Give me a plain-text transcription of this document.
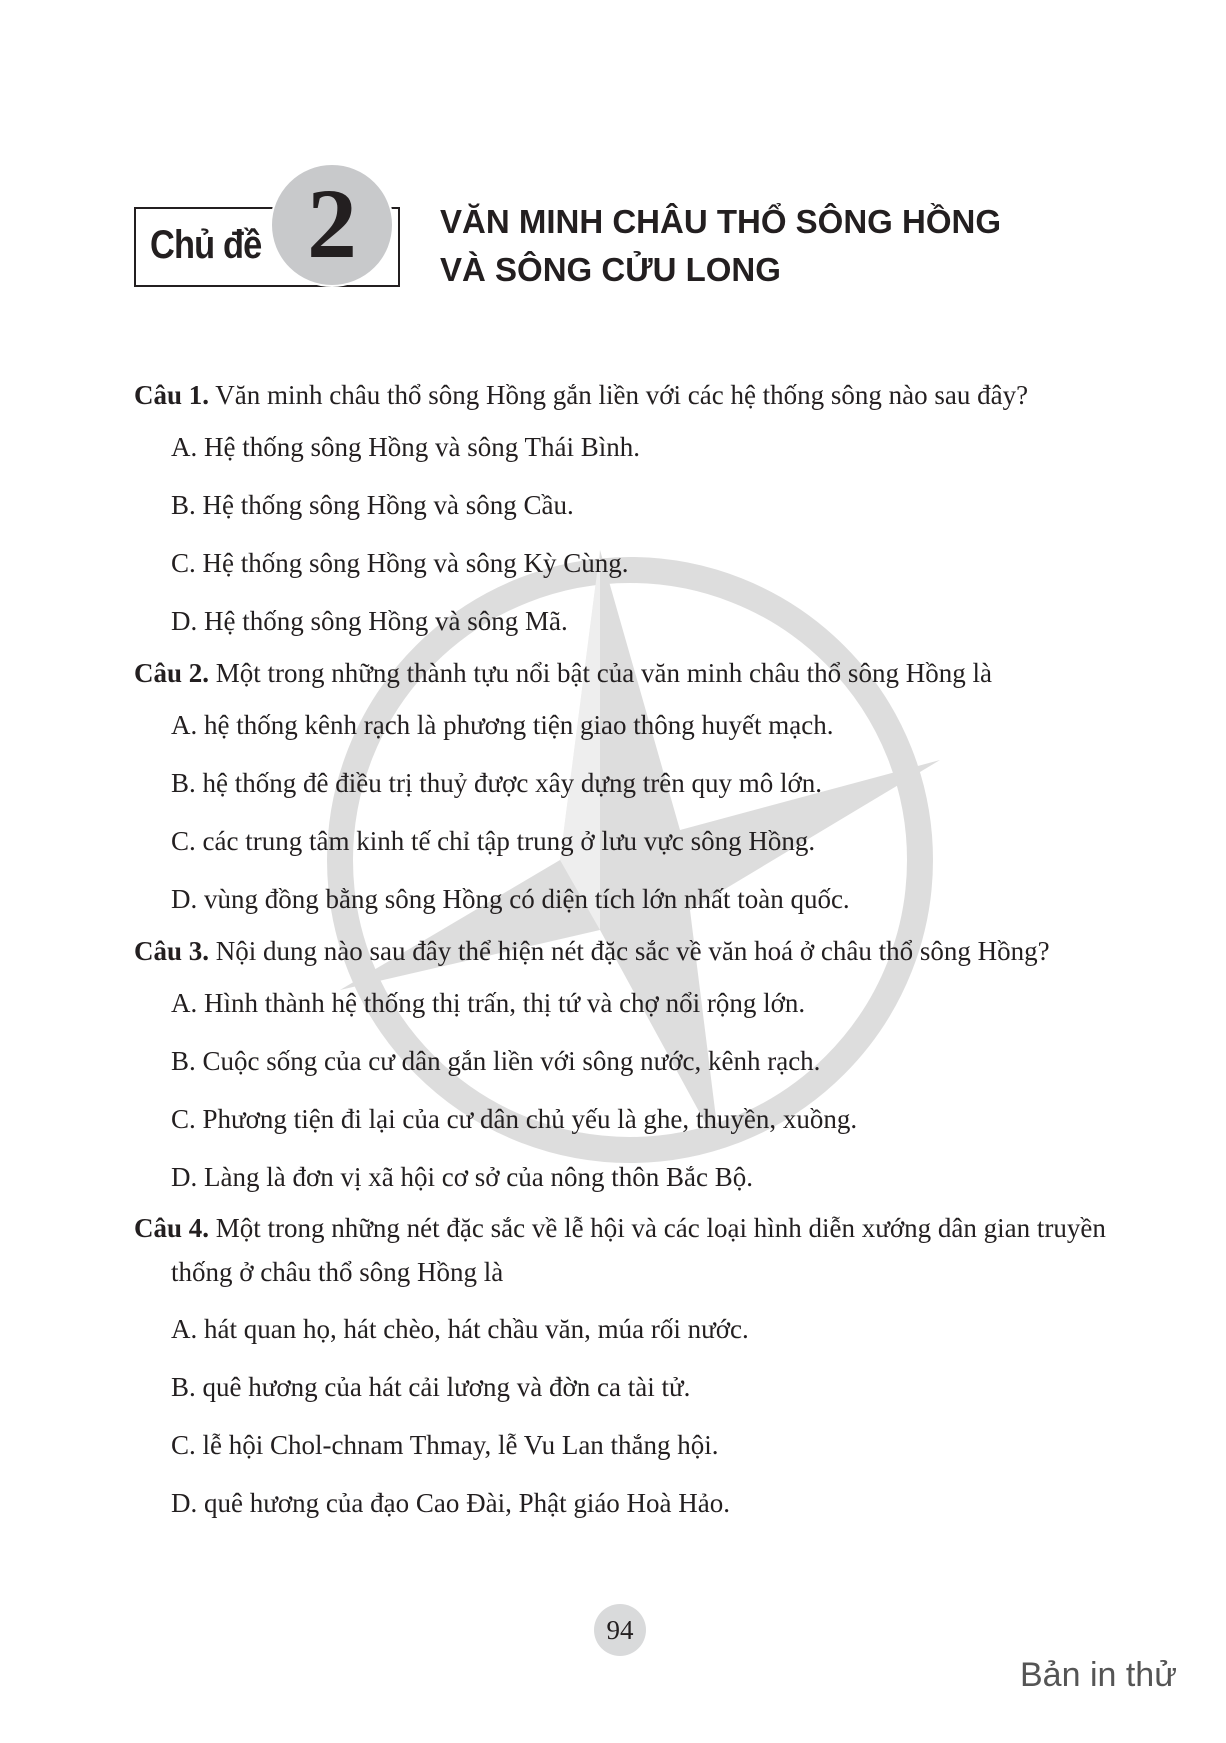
Chủ đề 2	VĂN MINH CHÂU THỔ SÔNG HỒNG
VÀ SÔNG CỬU LONG

Câu 1. Văn minh châu thổ sông Hồng gắn liền với các hệ thống sông nào sau đây?

A. Hệ thống sông Hồng và sông Thái Bình.
B. Hệ thống sông Hồng và sông Cầu.
C. Hệ thống sông Hồng và sông Kỳ Cùng.
D. Hệ thống sông Hồng và sông Mã.

Câu 2. Một trong những thành tựu nổi bật của văn minh châu thổ sông Hồng là

A. hệ thống kênh rạch là phương tiện giao thông huyết mạch.
B. hệ thống đê điều trị thuỷ được xây dựng trên quy mô lớn.
C. các trung tâm kinh tế chỉ tập trung ở lưu vực sông Hồng.
D. vùng đồng bằng sông Hồng có diện tích lớn nhất toàn quốc.

Câu 3. Nội dung nào sau đây thể hiện nét đặc sắc về văn hoá ở châu thổ sông Hồng?

A. Hình thành hệ thống thị trấn, thị tứ và chợ nổi rộng lớn.
B. Cuộc sống của cư dân gắn liền với sông nước, kênh rạch.
C. Phương tiện đi lại của cư dân chủ yếu là ghe, thuyền, xuồng.
D. Làng là đơn vị xã hội cơ sở của nông thôn Bắc Bộ.

Câu 4. Một trong những nét đặc sắc về lễ hội và các loại hình diễn xướng dân gian truyền thống ở châu thổ sông Hồng là

A. hát quan họ, hát chèo, hát chầu văn, múa rối nước.
B. quê hương của hát cải lương và đờn ca tài tử.
C. lễ hội Chol-chnam Thmay, lễ Vu Lan thắng hội.
D. quê hương của đạo Cao Đài, Phật giáo Hoà Hảo.
94
Bản in thử
